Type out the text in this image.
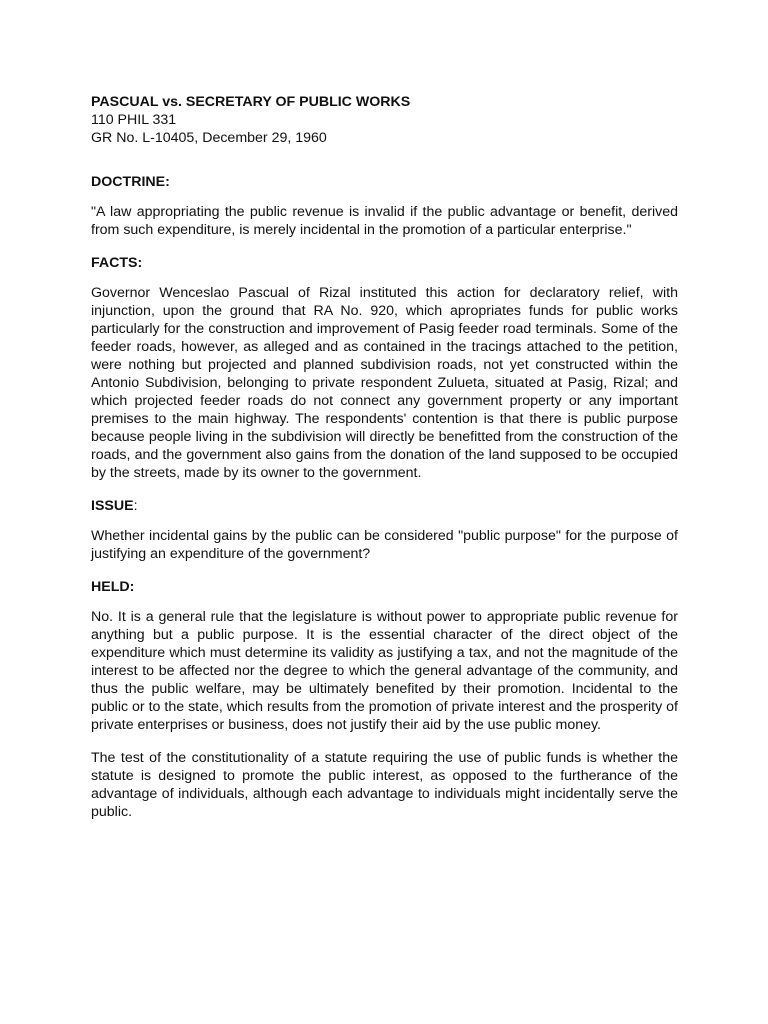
PASCUAL vs. SECRETARY OF PUBLIC WORKS

110 PHIL 331

GR No. L-10405, December 29, 1960

DOCTRINE:

"A law appropriating the public revenue is invalid if the public advantage or benefit, derived from such expenditure, is merely incidental in the promotion of a particular enterprise."

FACTS:

Governor Wenceslao Pascual of Rizal instituted this action for declaratory relief, with injunction, upon the ground that RA No. 920, which apropriates funds for public works particularly for the construction and improvement of Pasig feeder road terminals. Some of the feeder roads, however, as alleged and as contained in the tracings attached to the petition, were nothing but projected and planned subdivision roads, not yet constructed within the Antonio Subdivision, belonging to private respondent Zulueta, situated at Pasig, Rizal; and which projected feeder roads do not connect any government property or any important premises to the main highway. The respondents' contention is that there is public purpose because people living in the subdivision will directly be benefitted from the construction of the roads, and the government also gains from the donation of the land supposed to be occupied by the streets, made by its owner to the government.

ISSUE:

Whether incidental gains by the public can be considered "public purpose" for the purpose of justifying an expenditure of the government?

HELD:

No. It is a general rule that the legislature is without power to appropriate public revenue for anything but a public purpose. It is the essential character of the direct object of the expenditure which must determine its validity as justifying a tax, and not the magnitude of the interest to be affected nor the degree to which the general advantage of the community, and thus the public welfare, may be ultimately benefited by their promotion. Incidental to the public or to the state, which results from the promotion of private interest and the prosperity of private enterprises or business, does not justify their aid by the use public money.

The test of the constitutionality of a statute requiring the use of public funds is whether the statute is designed to promote the public interest, as opposed to the furtherance of the advantage of individuals, although each advantage to individuals might incidentally serve the public.
